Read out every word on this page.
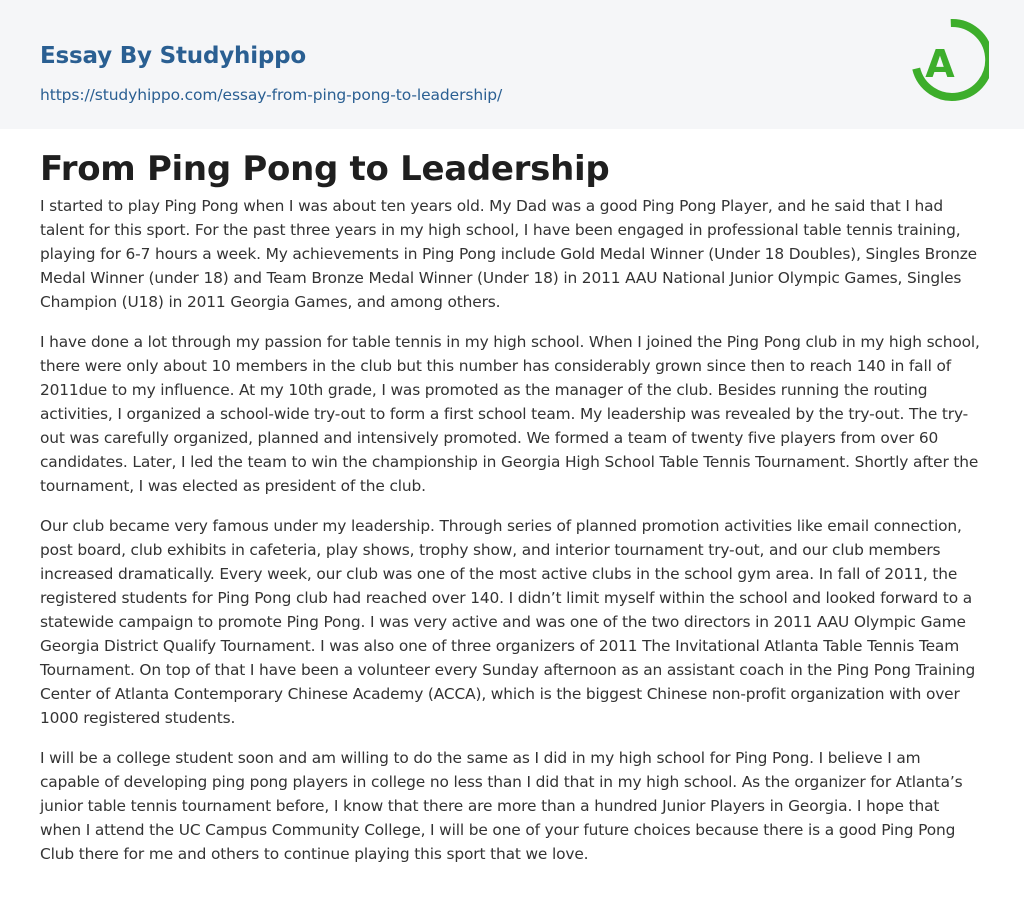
Essay By Studyhippo
https://studyhippo.com/essay-from-ping-pong-to-leadership/
A
From Ping Pong to Leadership

I started to play Ping Pong when I was about ten years old. My Dad was a good Ping Pong Player, and he said that I had talent for this sport. For the past three years in my high school, I have been engaged in professional table tennis training, playing for 6-7 hours a week. My achievements in Ping Pong include Gold Medal Winner (Under 18 Doubles), Singles Bronze Medal Winner (under 18) and Team Bronze Medal Winner (Under 18) in 2011 AAU National Junior Olympic Games, Singles Champion (U18) in 2011 Georgia Games, and among others.

I have done a lot through my passion for table tennis in my high school. When I joined the Ping Pong club in my high school, there were only about 10 members in the club but this number has considerably grown since then to reach 140 in fall of 2011due to my influence. At my 10th grade, I was promoted as the manager of the club. Besides running the routing activities, I organized a school-wide try-out to form a first school team. My leadership was revealed by the try-out. The try-out was carefully organized, planned and intensively promoted. We formed a team of twenty five players from over 60 candidates. Later, I led the team to win the championship in Georgia High School Table Tennis Tournament. Shortly after the tournament, I was elected as president of the club.

Our club became very famous under my leadership. Through series of planned promotion activities like email connection, post board, club exhibits in cafeteria, play shows, trophy show, and interior tournament try-out, and our club members increased dramatically. Every week, our club was one of the most active clubs in the school gym area. In fall of 2011, the registered students for Ping Pong club had reached over 140. I didn’t limit myself within the school and looked forward to a statewide campaign to promote Ping Pong. I was very active and was one of the two directors in 2011 AAU Olympic Game Georgia District Qualify Tournament. I was also one of three organizers of 2011 The Invitational Atlanta Table Tennis Team Tournament. On top of that I have been a volunteer every Sunday afternoon as an assistant coach in the Ping Pong Training Center of Atlanta Contemporary Chinese Academy (ACCA), which is the biggest Chinese non-profit organization with over 1000 registered students.

I will be a college student soon and am willing to do the same as I did in my high school for Ping Pong. I believe I am capable of developing ping pong players in college no less than I did that in my high school. As the organizer for Atlanta’s junior table tennis tournament before, I know that there are more than a hundred Junior Players in Georgia. I hope that when I attend the UC Campus Community College, I will be one of your future choices because there is a good Ping Pong Club there for me and others to continue playing this sport that we love.
